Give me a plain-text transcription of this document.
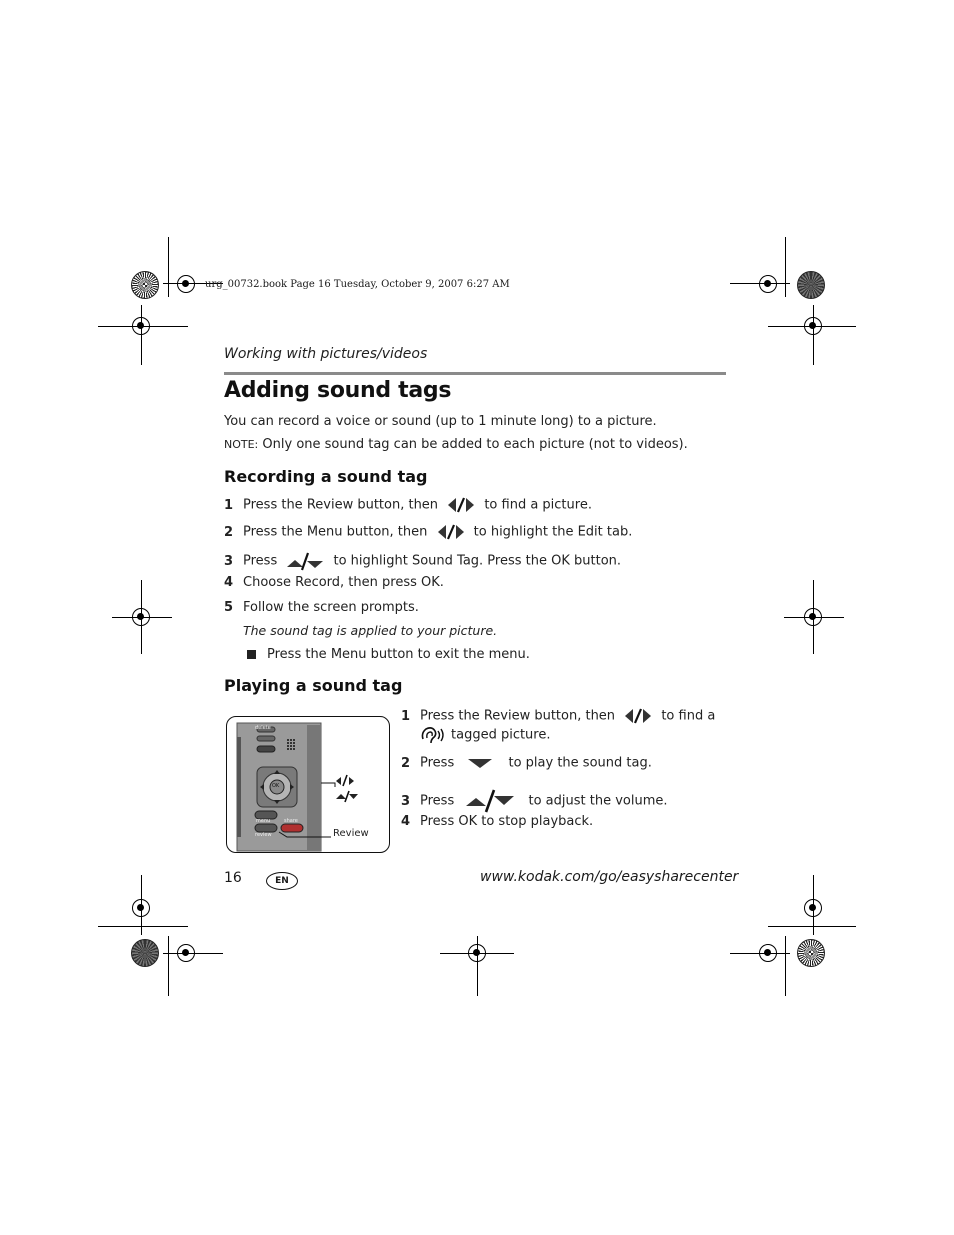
urg_00732.book Page 16 Tuesday, October 9, 2007 6:27 AM
Working with pictures/videos
Adding sound tags
You can record a voice or sound (up to 1 minute long) to a picture.
NOTE: Only one sound tag can be added to each picture (not to videos).
Recording a sound tag
1 Press the Review button, then	to find a picture.
2 Press the Menu button, then	to highlight the Edit tab.
3 Press	to highlight Sound Tag. Press the OK button.
4 Choose Record, then press OK.
5 Follow the screen prompts.
The sound tag is applied to your picture.
Press the Menu button to exit the menu.
Playing a sound tag
delete
OK
menu	share
review	Review
1 Press the Review button, then	to find a
tagged picture.
2 Press	to play the sound tag.
3 Press	to adjust the volume.
4 Press OK to stop playback.
16	EN	www.kodak.com/go/easysharecenter
